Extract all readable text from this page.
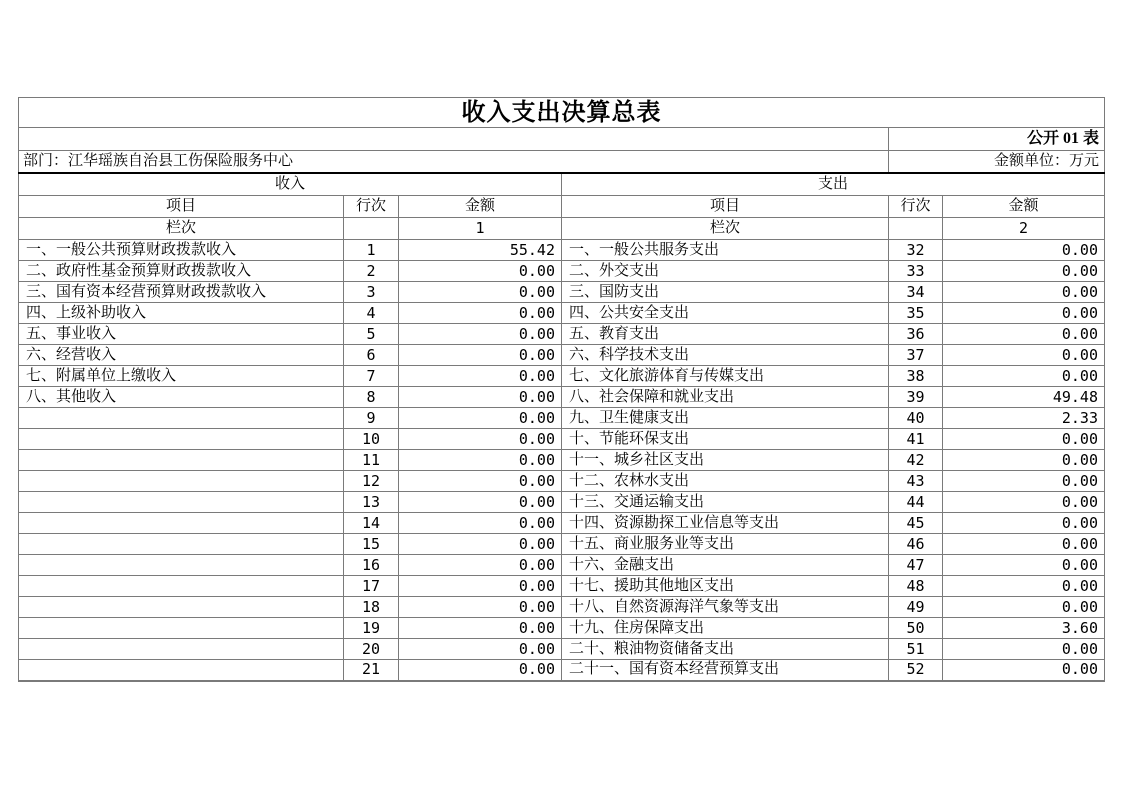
收入支出决算总表					
				公开 01 表	
部门：江华瑶族自治县工伤保险服务中心				金额单位：万元	
收入			支出		
项目	行次	金额	项目	行次	金额
栏次		1	栏次		2
一、一般公共预算财政拨款收入	1	55.42	一、一般公共服务支出	32	0.00
二、政府性基金预算财政拨款收入	2	0.00	二、外交支出	33	0.00
三、国有资本经营预算财政拨款收入	3	0.00	三、国防支出	34	0.00
四、上级补助收入	4	0.00	四、公共安全支出	35	0.00
五、事业收入	5	0.00	五、教育支出	36	0.00
六、经营收入	6	0.00	六、科学技术支出	37	0.00
七、附属单位上缴收入	7	0.00	七、文化旅游体育与传媒支出	38	0.00
八、其他收入	8	0.00	八、社会保障和就业支出	39	49.48
	9	0.00	九、卫生健康支出	40	2.33
	10	0.00	十、节能环保支出	41	0.00
	11	0.00	十一、城乡社区支出	42	0.00
	12	0.00	十二、农林水支出	43	0.00
	13	0.00	十三、交通运输支出	44	0.00
	14	0.00	十四、资源勘探工业信息等支出	45	0.00
	15	0.00	十五、商业服务业等支出	46	0.00
	16	0.00	十六、金融支出	47	0.00
	17	0.00	十七、援助其他地区支出	48	0.00
	18	0.00	十八、自然资源海洋气象等支出	49	0.00
	19	0.00	十九、住房保障支出	50	3.60
	20	0.00	二十、粮油物资储备支出	51	0.00
	21	0.00	二十一、国有资本经营预算支出	52	0.00
